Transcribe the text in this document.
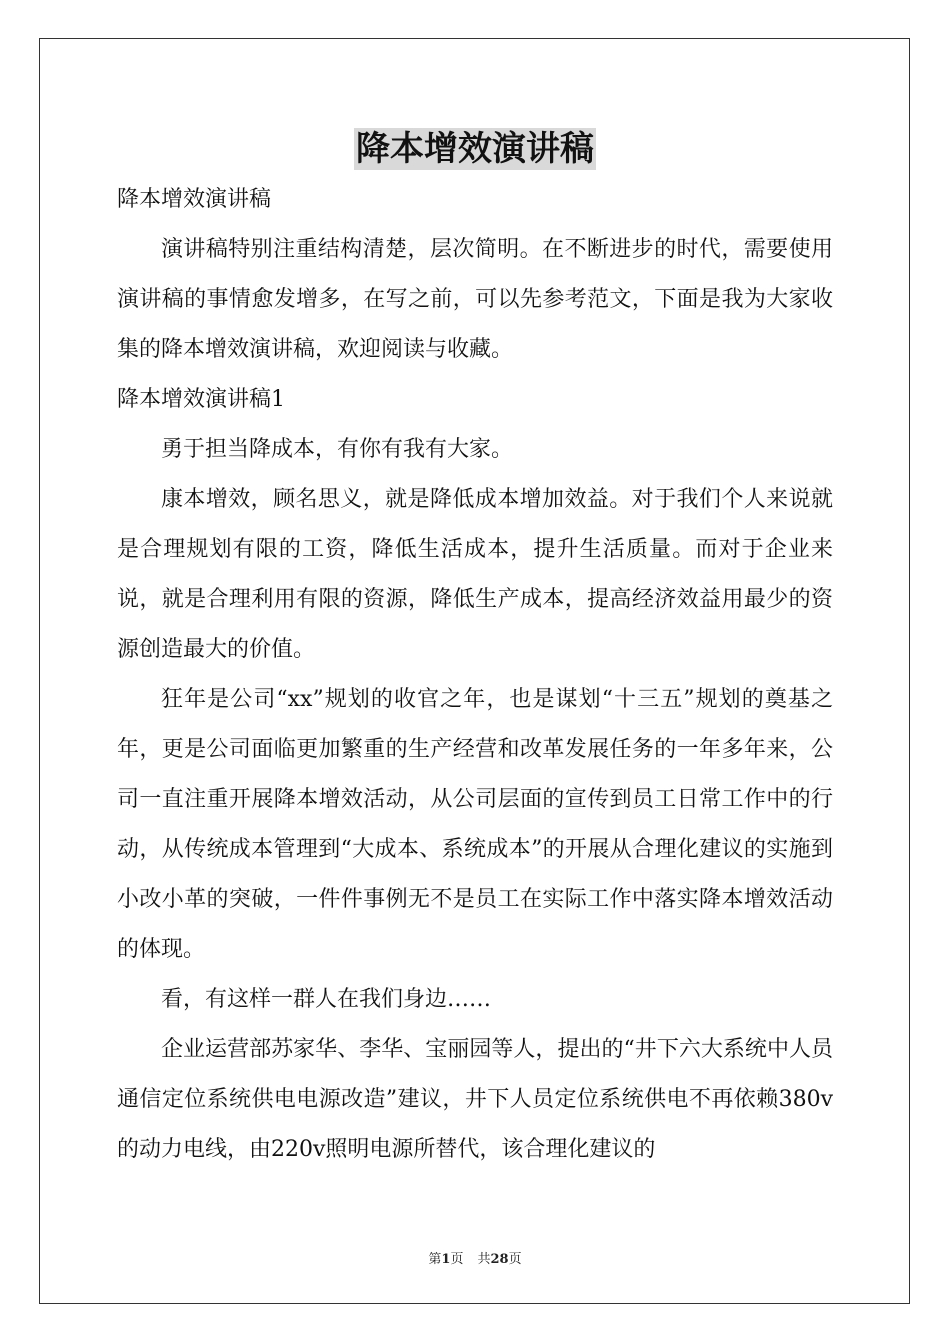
降本增效演讲稿

降本增效演讲稿

演讲稿特别注重结构清楚，层次简明。在不断进步的时代，需要使用演讲稿的事情愈发增多，在写之前，可以先参考范文，下面是我为大家收集的降本增效演讲稿，欢迎阅读与收藏。

降本增效演讲稿1

勇于担当降成本，有你有我有大家。

康本增效，顾名思义，就是降低成本增加效益。对于我们个人来说就是合理规划有限的工资，降低生活成本，提升生活质量。而对于企业来说，就是合理利用有限的资源，降低生产成本，提高经济效益用最少的资源创造最大的价值。

狂年是公司“xx”规划的收官之年，也是谋划“十三五”规划的奠基之年，更是公司面临更加繁重的生产经营和改革发展任务的一年多年来，公司一直注重开展降本增效活动，从公司层面的宣传到员工日常工作中的行动，从传统成本管理到“大成本、系统成本”的开展从合理化建议的实施到小改小革的突破，一件件事例无不是员工在实际工作中落实降本增效活动的体现。

看，有这样一群人在我们身边……

企业运营部苏家华、李华、宝丽园等人，提出的“井下六大系统中人员通信定位系统供电电源改造”建议，井下人员定位系统供电不再依赖380v的动力电线，由220v照明电源所替代，该合理化建议的

第1页 共28页
